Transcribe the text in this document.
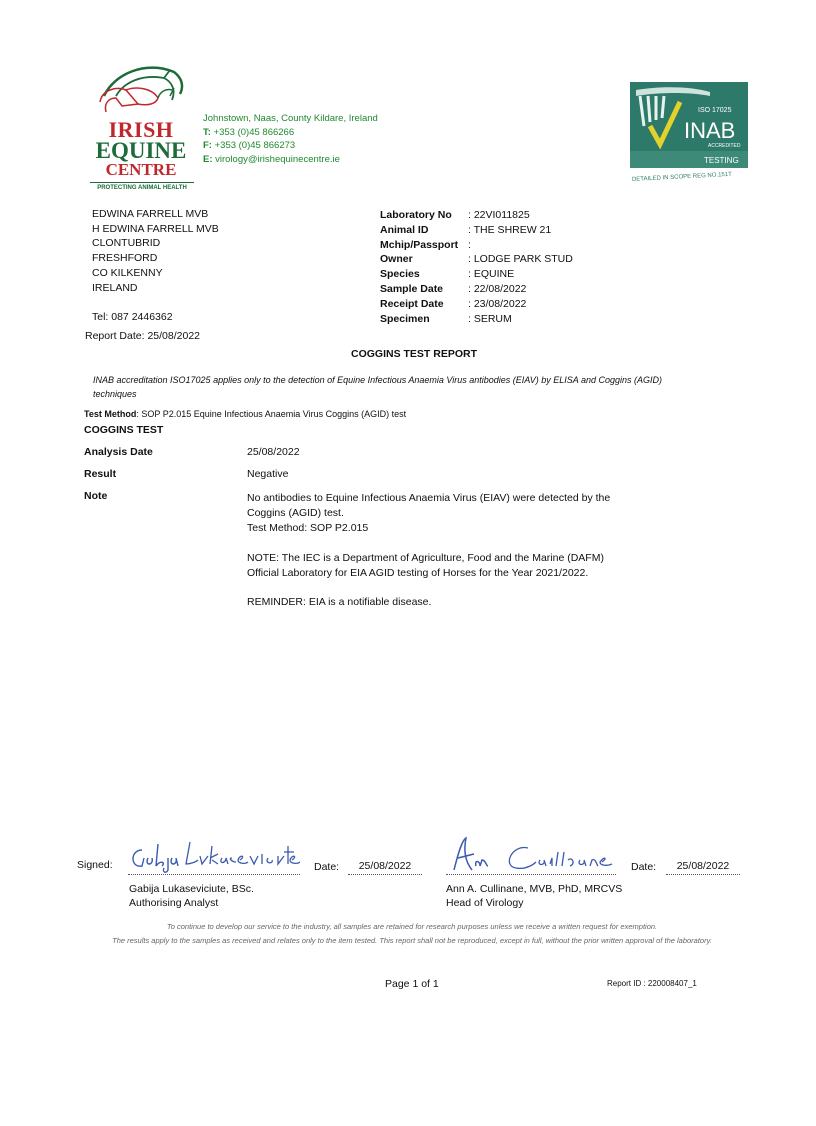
IRISH
EQUINE
CENTRE
PROTECTING ANIMAL HEALTH
Johnstown, Naas, County Kildare, Ireland
T: +353 (0)45 866266
F: +353 (0)45 866273
E: virology@irishequinecentre.ie
ISO 17025
INAB
ACCREDITED
TESTING
DETAILED IN SCOPE REG NO.151T
EDWINA FARRELL MVB
H EDWINA FARRELL MVB
CLONTUBRID
FRESHFORD
CO KILKENNY
IRELAND
Tel: 087 2446362
Report Date: 25/08/2022
Laboratory No	: 22VI011825
Animal ID	: THE SHREW 21
Mchip/Passport :
Owner	: LODGE PARK STUD
Species	: EQUINE
Sample Date	: 22/08/2022
Receipt Date	: 23/08/2022
Specimen	: SERUM
COGGINS TEST REPORT
INAB accreditation ISO17025 applies only to the detection of Equine Infectious Anaemia Virus antibodies (EIAV) by ELISA and Coggins (AGID) techniques
Test Method: SOP P2.015 Equine Infectious Anaemia Virus Coggins (AGID) test
COGGINS TEST
Analysis Date	25/08/2022
Result	Negative
Note	No antibodies to Equine Infectious Anaemia Virus (EIAV) were detected by the Coggins (AGID) test.
Test Method: SOP P2.015

NOTE: The IEC is a Department of Agriculture, Food and the Marine (DAFM) Official Laboratory for EIA AGID testing of Horses for the Year 2021/2022.

REMINDER: EIA is a notifiable disease.

Signed:	Date:	25/08/2022
Gabija Lukaseviciute, BSc.
Authorising Analyst
Date:	25/08/2022
Ann A. Cullinane, MVB, PhD, MRCVS
Head of Virology
To continue to develop our service to the industry, all samples are retained for research purposes unless we receive a written request for exemption.
The results apply to the samples as received and relates only to the item tested. This report shall not be reproduced, except in full, without the prior written approval of the laboratory.
Page 1 of 1	Report ID : 220008407_1
